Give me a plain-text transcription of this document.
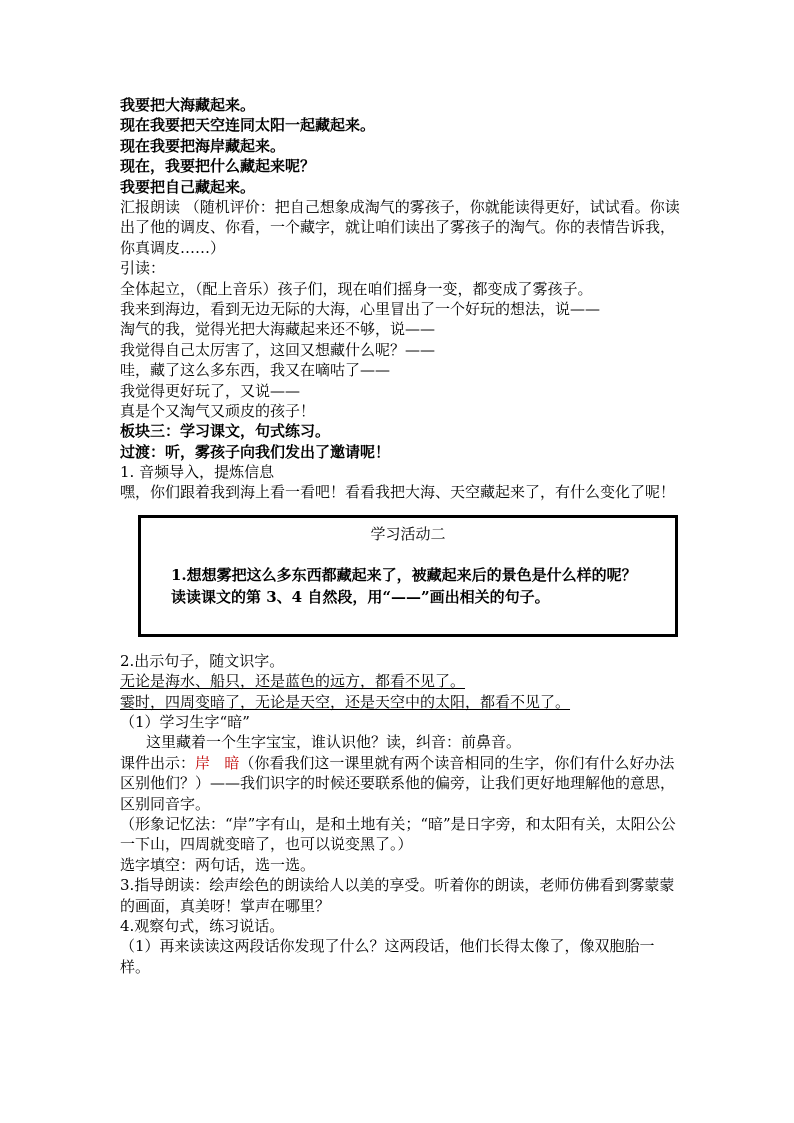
我要把大海藏起来。
现在我要把天空连同太阳一起藏起来。
现在我要把海岸藏起来。
现在，我要把什么藏起来呢？
我要把自己藏起来。
汇报朗读 （随机评价：把自己想象成淘气的雾孩子，你就能读得更好，试试看。你读出了他的调皮、你看，一个藏字，就让咱们读出了雾孩子的淘气。你的表情告诉我，你真调皮……）
引读：
全体起立，（配上音乐）孩子们，现在咱们摇身一变，都变成了雾孩子。
我来到海边，看到无边无际的大海，心里冒出了一个好玩的想法，说——
淘气的我，觉得光把大海藏起来还不够，说——
我觉得自己太厉害了，这回又想藏什么呢？——
哇，藏了这么多东西，我又在嘀咕了——
我觉得更好玩了，又说——
真是个又淘气又顽皮的孩子！
板块三：学习课文，句式练习。
过渡：听，雾孩子向我们发出了邀请呢！
1. 音频导入，提炼信息
嘿，你们跟着我到海上看一看吧！看看我把大海、天空藏起来了，有什么变化了呢！
学习活动二
1.想想雾把这么多东西都藏起来了，被藏起来后的景色是什么样的呢？
读读课文的第 3、4 自然段，用“——”画出相关的句子。
2.出示句子，随文识字。
无论是海水、船只，还是蓝色的远方，都看不见了。
霎时，四周变暗了，无论是天空，还是天空中的太阳，都看不见了。
（1）学习生字“暗”
这里藏着一个生字宝宝，谁认识他？读，纠音：前鼻音。
课件出示：岸 暗（你看我们这一课里就有两个读音相同的生字，你们有什么好办法区别他们？）——我们识字的时候还要联系他的偏旁，让我们更好地理解他的意思，区别同音字。
（形象记忆法：“岸”字有山，是和土地有关；“暗”是日字旁，和太阳有关，太阳公公一下山，四周就变暗了，也可以说变黑了。）
选字填空：两句话，选一选。
3.指导朗读：绘声绘色的朗读给人以美的享受。听着你的朗读，老师仿佛看到雾蒙蒙的画面，真美呀！掌声在哪里？
4.观察句式，练习说话。
（1）再来读读这两段话你发现了什么？这两段话，他们长得太像了，像双胞胎一样。
